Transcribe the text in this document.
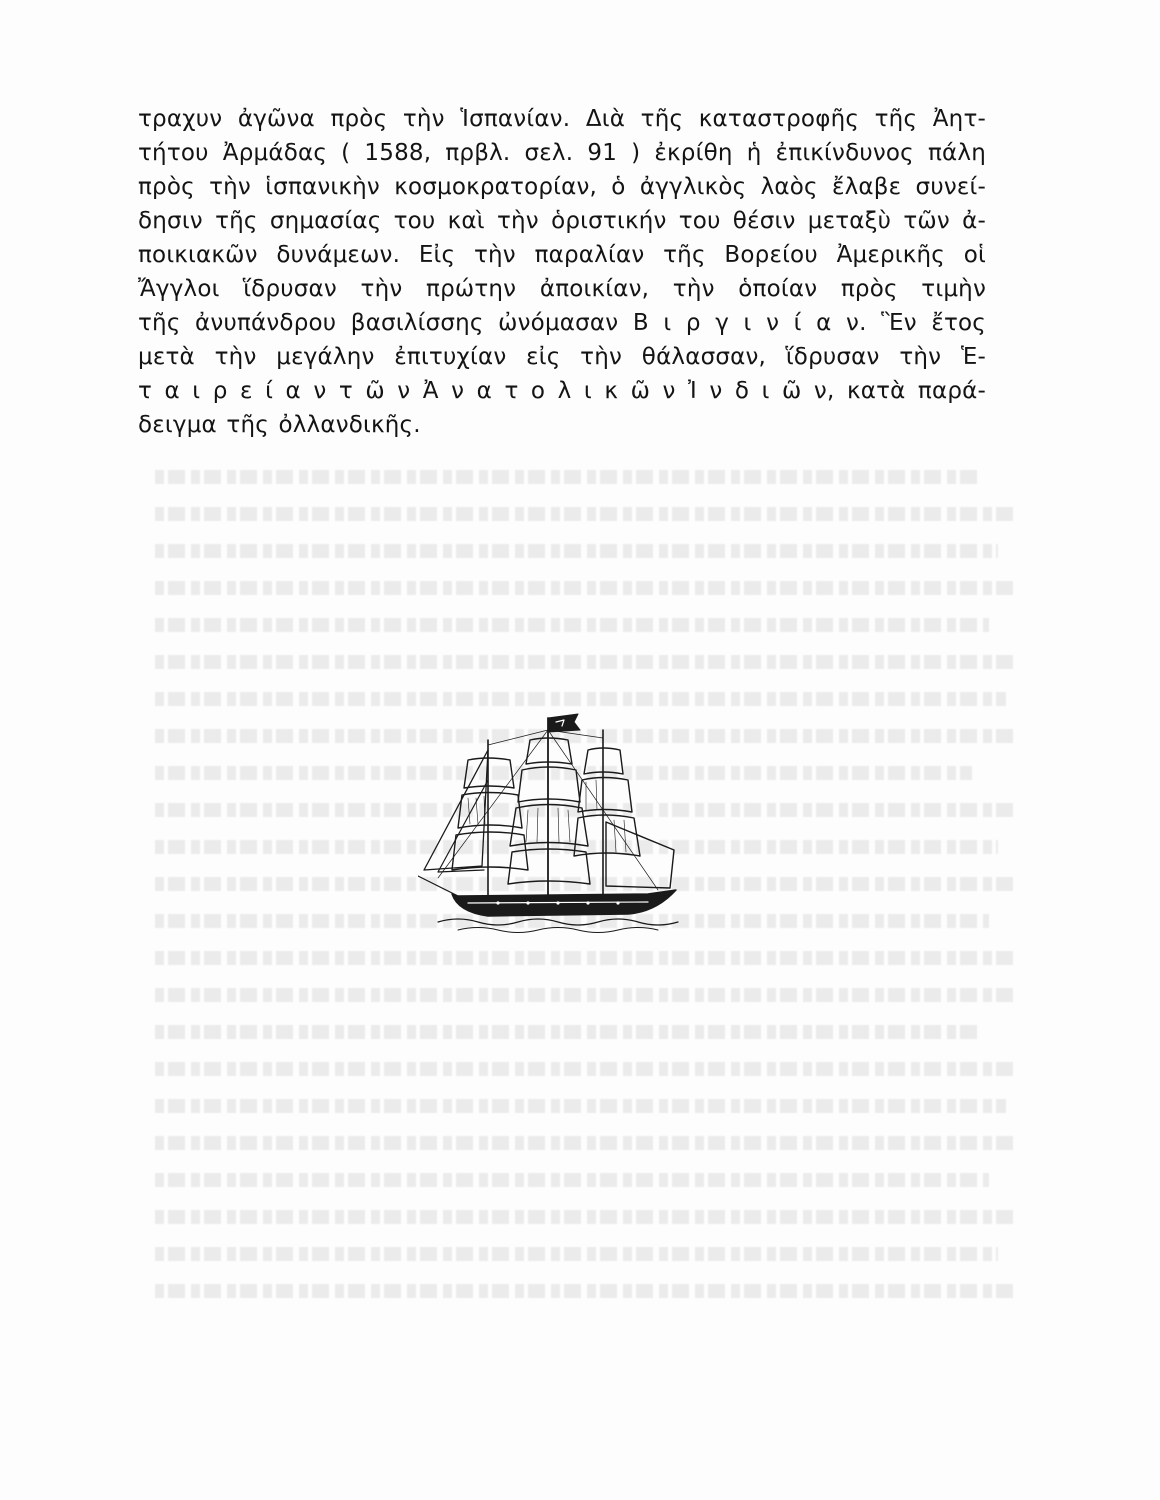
τραχυν ἀγῶνα πρὸς τὴν Ἱσπανίαν. Διὰ τῆς καταστροφῆς τῆς Ἀητ-
τήτου Ἀρμάδας ( 1588, πρβλ. σελ. 91 ) ἐκρίθη ἡ ἐπικίνδυνος πάλη
πρὸς τὴν ἱσπανικὴν κοσμοκρατορίαν, ὁ ἀγγλικὸς λαὸς ἔλαβε συνεί-
δησιν τῆς σημασίας του καὶ τὴν ὁριστικήν του θέσιν μεταξὺ τῶν ἀ-
ποικιακῶν δυνάμεων. Εἰς τὴν παραλίαν τῆς Βορείου Ἀμερικῆς οἱ
Ἄγγλοι ἵδρυσαν τὴν πρώτην ἀποικίαν, τὴν ὁποίαν πρὸς τιμὴν
τῆς ἀνυπάνδρου βασιλίσσης ὠνόμασαν Β ι ρ γ ι ν ί α ν. Ἓν ἔτος
μετὰ τὴν μεγάλην ἐπιτυχίαν εἰς τὴν θάλασσαν, ἵδρυσαν τὴν Ἑ-
τ α ι ρ ε ί α ν τ ῶ ν Ἀ ν α τ ο λ ι κ ῶ ν Ἰ ν δ ι ῶ ν, κατὰ παρά-
δειγμα τῆς ὀλλανδικῆς.
